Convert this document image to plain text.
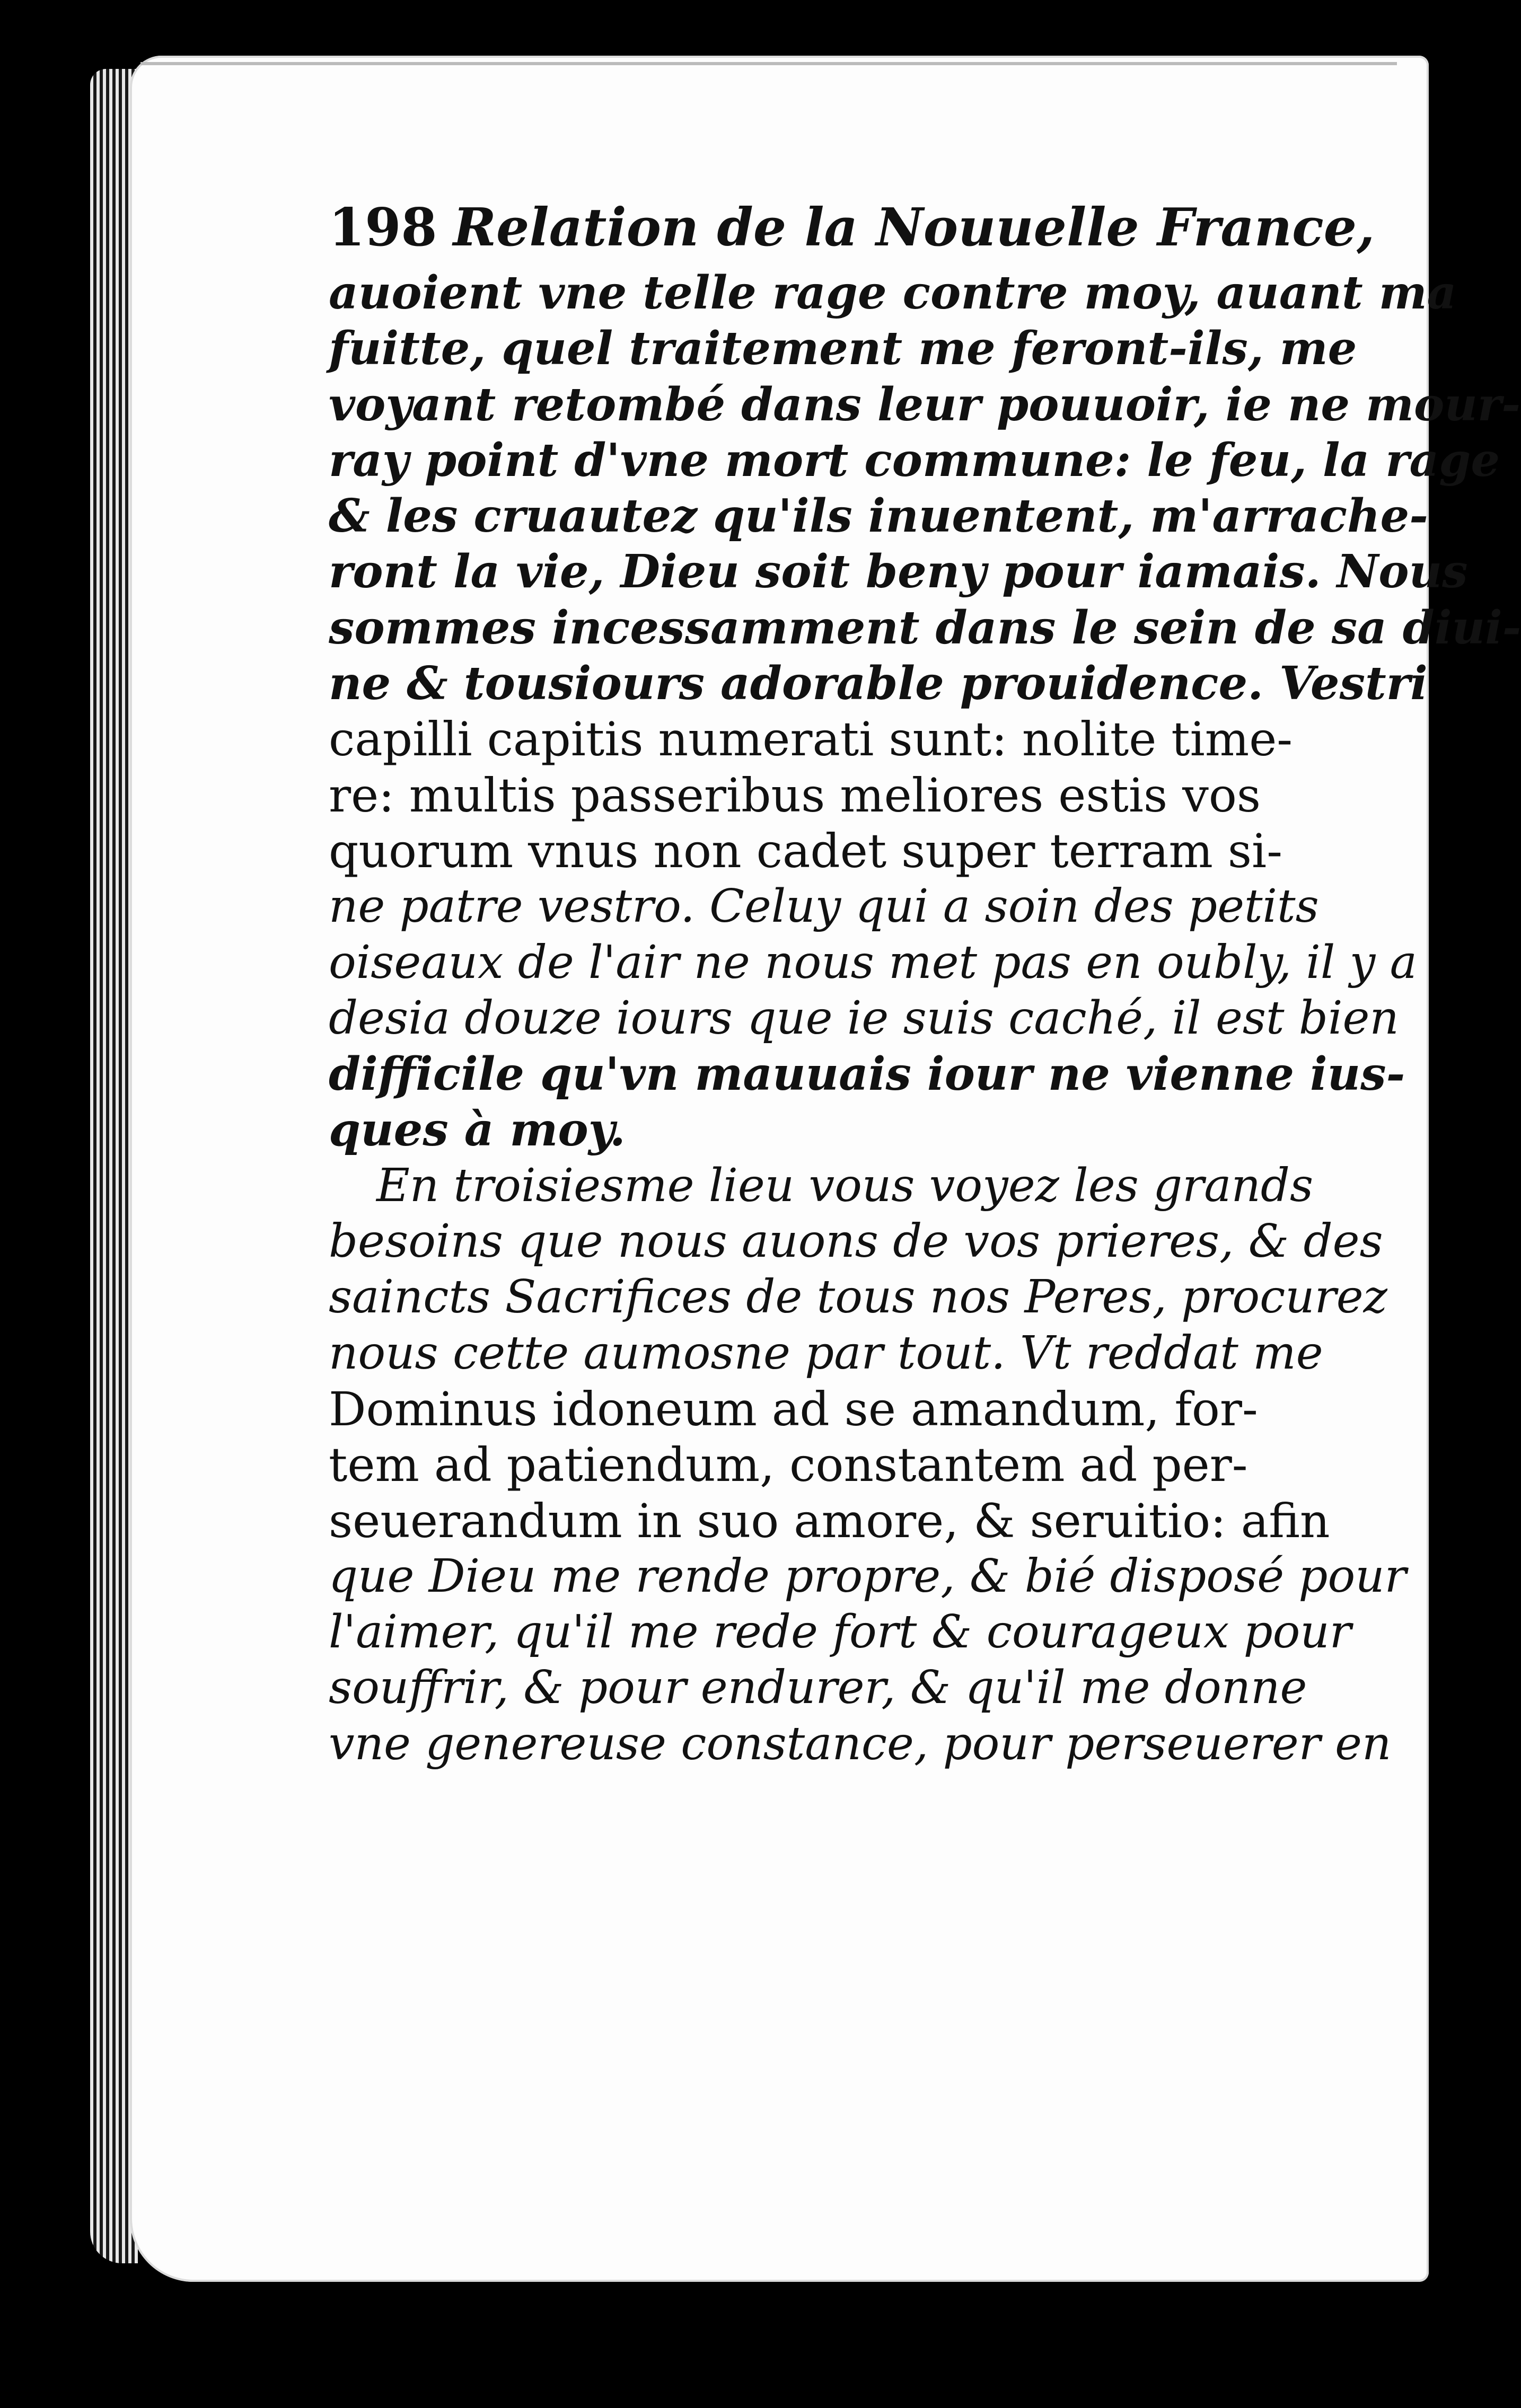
198 Relation de la Nouuelle France,
auoient vne telle rage contre moy, auant ma
fuitte, quel traitement me feront-ils, me
voyant retombé dans leur pouuoir, ie ne mour-
ray point d'vne mort commune: le feu, la rage
& les cruautez qu'ils inuentent, m'arrache-
ront la vie, Dieu soit beny pour iamais. Nous
sommes incessamment dans le sein de sa diui-
ne & tousiours adorable prouidence. Vestri
capilli capitis numerati sunt: nolite time-
re: multis passeribus meliores estis vos
quorum vnus non cadet super terram si-
ne patre vestro. Celuy qui a soin des petits
oiseaux de l'air ne nous met pas en oubly, il y a
desia douze iours que ie suis caché, il est bien
difficile qu'vn mauuais iour ne vienne ius-
ques à moy.
En troisiesme lieu vous voyez les grands
besoins que nous auons de vos prieres, & des
saincts Sacrifices de tous nos Peres, procurez
nous cette aumosne par tout. Vt reddat me
Dominus idoneum ad se amandum, for-
tem ad patiendum, constantem ad per-
seuerandum in suo amore, & seruitio: afin
que Dieu me rende propre, & bié disposé pour
l'aimer, qu'il me rede fort & courageux pour
souffrir, & pour endurer, & qu'il me donne
vne genereuse constance, pour perseuerer en
